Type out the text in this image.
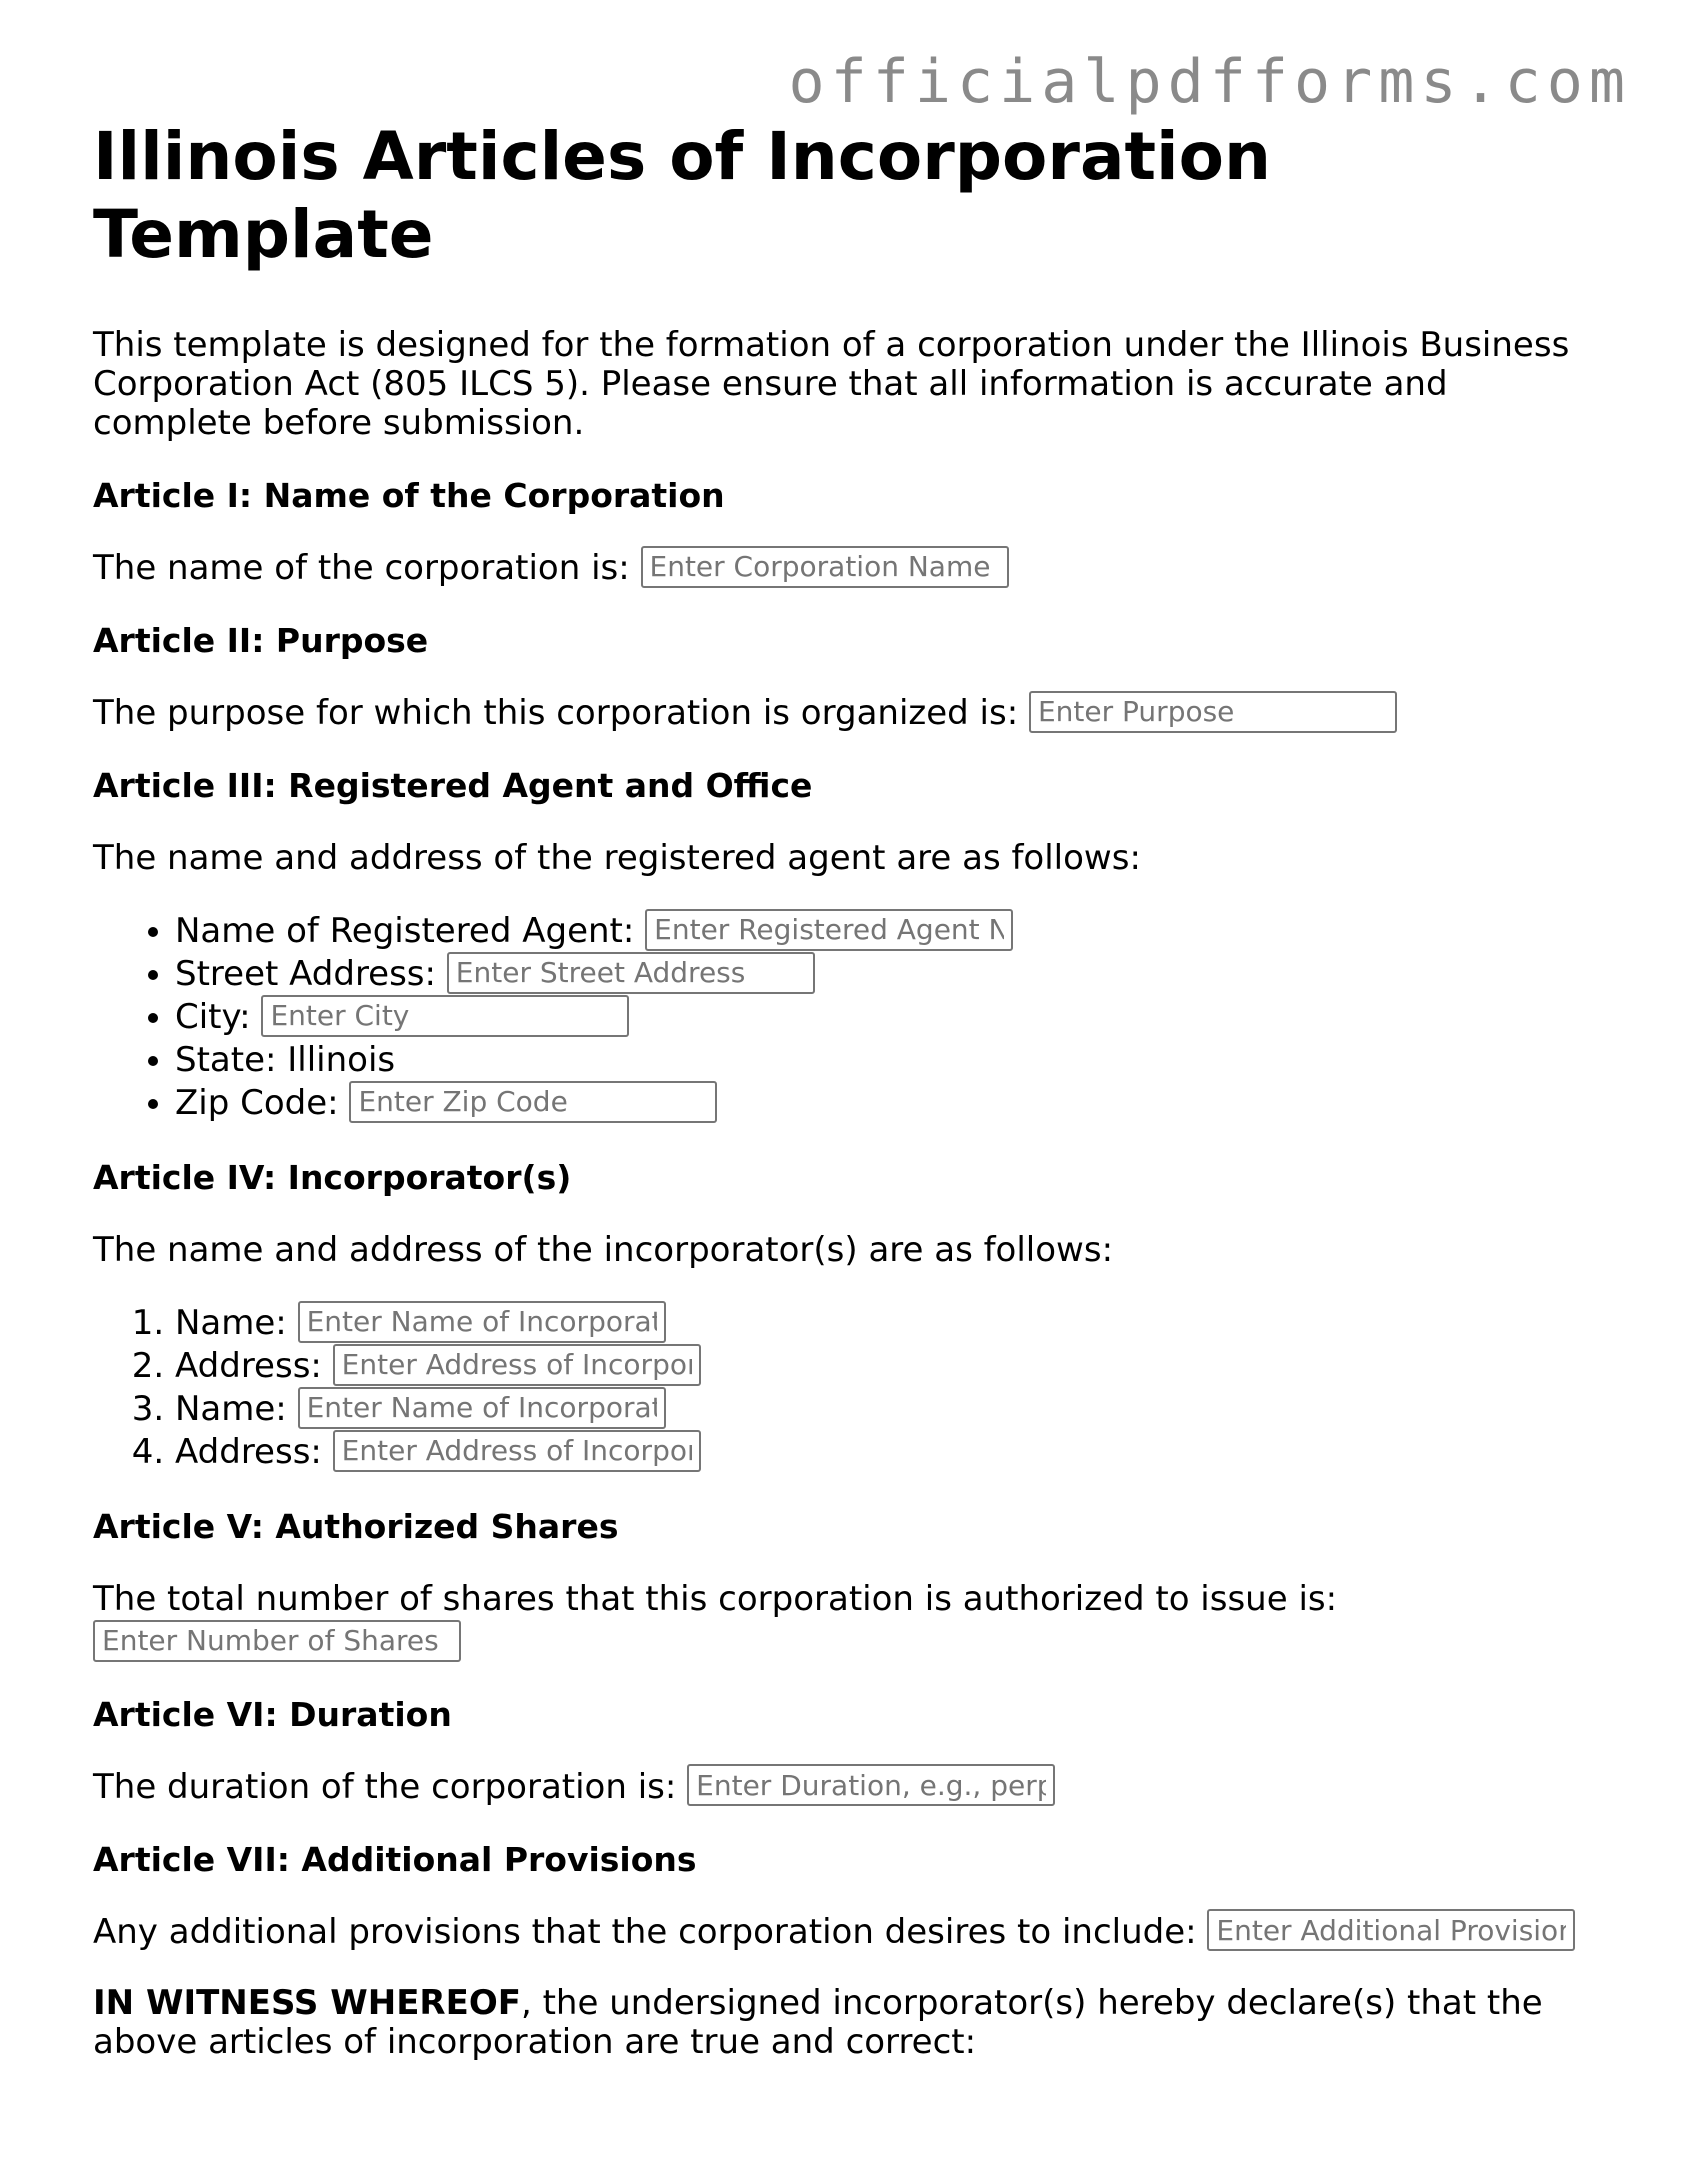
officialpdfforms.com
Illinois Articles of Incorporation Template

This template is designed for the formation of a corporation under the Illinois Business Corporation Act (805 ILCS 5). Please ensure that all information is accurate and complete before submission.

Article I: Name of the Corporation

The name of the corporation is: Enter Corporation Name

Article II: Purpose

The purpose for which this corporation is organized is: Enter Purpose

Article III: Registered Agent and Office

The name and address of the registered agent are as follows:

• Name of Registered Agent: Enter Registered Agent Name
• Street Address: Enter Street Address
• City: Enter City
• State: Illinois
• Zip Code: Enter Zip Code
Article IV: Incorporator(s)

The name and address of the incorporator(s) are as follows:

1. Name: Enter Name of Incorporator
2. Address: Enter Address of Incorporator
3. Name: Enter Name of Incorporator
4. Address: Enter Address of Incorporator
Article V: Authorized Shares

The total number of shares that this corporation is authorized to issue is:
Enter Number of Shares

Article VI: Duration

The duration of the corporation is: Enter Duration, e.g., perpetual

Article VII: Additional Provisions

Any additional provisions that the corporation desires to include: Enter Additional Provisions

IN WITNESS WHEREOF, the undersigned incorporator(s) hereby declare(s) that the above articles of incorporation are true and correct:
